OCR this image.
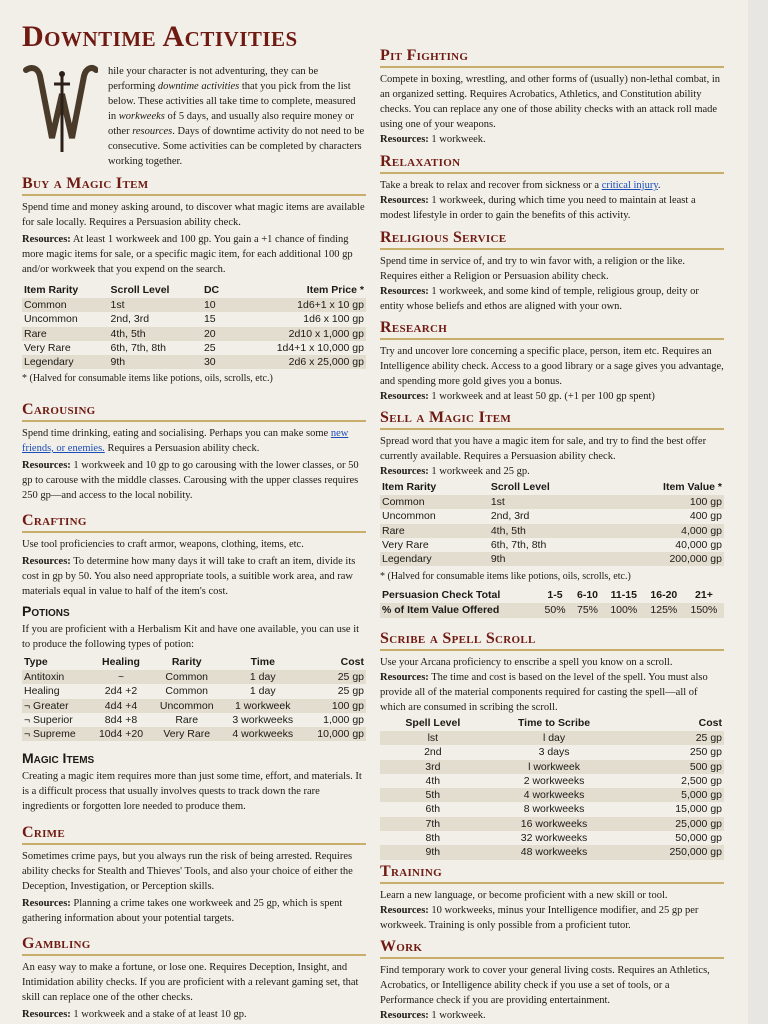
Downtime Activities

hile your character is not adventuring, they can be performing downtime activities that you pick from the list below. These activities all take time to complete, measured in workweeks of 5 days, and usually also require money or other resources. Days of downtime activity do not need to be consecutive. Some activities can be completed by characters working together.

Buy a Magic Item

Spend time and money asking around, to discover what magic items are available for sale locally. Requires a Persuasion ability check.

Resources: At least 1 workweek and 100 gp. You gain a +1 chance of finding more magic items for sale, or a specific magic item, for each additional 100 gp and/or workweek that you expend on the search.

Item Rarity	Scroll Level	DC	Item Price *
Common	1st	10	1d6+1 x 10 gp
Uncommon	2nd, 3rd	15	1d6 x 100 gp
Rare	4th, 5th	20	2d10 x 1,000 gp
Very Rare	6th, 7th, 8th	25	1d4+1 x 10,000 gp
Legendary	9th	30	2d6 x 25,000 gp

* (Halved for consumable items like potions, oils, scrolls, etc.)

Carousing

Spend time drinking, eating and socialising. Perhaps you can make some new friends, or enemies. Requires a Persuasion ability check.

Resources: 1 workweek and 10 gp to go carousing with the lower classes, or 50 gp to carouse with the middle classes. Carousing with the upper classes requires 250 gp—and access to the local nobility.

Crafting

Use tool proficiencies to craft armor, weapons, clothing, items, etc.

Resources: To determine how many days it will take to craft an item, divide its cost in gp by 50. You also need appropriate tools, a suitible work area, and raw materials equal in value to half of the item's cost.

Potions

If you are proficient with a Herbalism Kit and have one available, you can use it to produce the following types of potion:

Type	Healing	Rarity	Time	Cost
Antitoxin	~	Common	1 day	25 gp
Healing	2d4 +2	Common	1 day	25 gp
¬ Greater	4d4 +4	Uncommon	1 workweek	100 gp
¬ Superior	8d4 +8	Rare	3 workweeks	1,000 gp
¬ Supreme	10d4 +20	Very Rare	4 workweeks	10,000 gp
Magic Items

Creating a magic item requires more than just some time, effort, and materials. It is a difficult process that usually involves quests to track down the rare ingredients or forgotten lore needed to produce them.

Crime

Sometimes crime pays, but you always run the risk of being arrested. Requires ability checks for Stealth and Thieves' Tools, and also your choice of either the Deception, Investigation, or Perception skills.

Resources: Planning a crime takes one workweek and 25 gp, which is spent gathering information about your potential targets.

Gambling

An easy way to make a fortune, or lose one. Requires Deception, Insight, and Intimidation ability checks. If you are proficient with a relevant gaming set, that skill can replace one of the other checks.

Resources: 1 workweek and a stake of at least 10 gp.

Pit Fighting

Compete in boxing, wrestling, and other forms of (usually) non-lethal combat, in an organized setting. Requires Acrobatics, Athletics, and Constitution ability checks. You can replace any one of those ability checks with an attack roll made using one of your weapons.

Resources: 1 workweek.

Relaxation

Take a break to relax and recover from sickness or a critical injury.

Resources: 1 workweek, during which time you need to maintain at least a modest lifestyle in order to gain the benefits of this activity.

Religious Service

Spend time in service of, and try to win favor with, a religion or the like. Requires either a Religion or Persuasion ability check.

Resources: 1 workweek, and some kind of temple, religious group, deity or entity whose beliefs and ethos are aligned with your own.

Research

Try and uncover lore concerning a specific place, person, item etc. Requires an Intelligence ability check. Access to a good library or a sage gives you advantage, and spending more gold gives you a bonus.

Resources: 1 workweek and at least 50 gp. (+1 per 100 gp spent)

Sell a Magic Item

Spread word that you have a magic item for sale, and try to find the best offer currently available. Requires a Persuasion ability check.

Resources: 1 workweek and 25 gp.

Item Rarity	Scroll Level	Item Value *
Common	1st	100 gp
Uncommon	2nd, 3rd	400 gp
Rare	4th, 5th	4,000 gp
Very Rare	6th, 7th, 8th	40,000 gp
Legendary	9th	200,000 gp

* (Halved for consumable items like potions, oils, scrolls, etc.)

Persuasion Check Total	1-5	6-10	11-15	16-20	21+
% of Item Value Offered	50%	75%	100%	125%	150%
Scribe a Spell Scroll

Use your Arcana proficiency to enscribe a spell you know on a scroll.

Resources: The time and cost is based on the level of the spell. You must also provide all of the material components required for casting the spell—all of which are consumed in scribing the scroll.

Spell Level	Time to Scribe	Cost
lst	l day	25 gp
2nd	3 days	250 gp
3rd	l workweek	500 gp
4th	2 workweeks	2,500 gp
5th	4 workweeks	5,000 gp
6th	8 workweeks	15,000 gp
7th	16 workweeks	25,000 gp
8th	32 workweeks	50,000 gp
9th	48 workweeks	250,000 gp
Training

Learn a new language, or become proficient with a new skill or tool.

Resources: 10 workweeks, minus your Intelligence modifier, and 25 gp per workweek. Training is only possible from a proficient tutor.

Work

Find temporary work to cover your general living costs. Requires an Athletics, Acrobatics, or Intelligence ability check if you use a set of tools, or a Performance check if you are providing entertainment.

Resources: 1 workweek.
